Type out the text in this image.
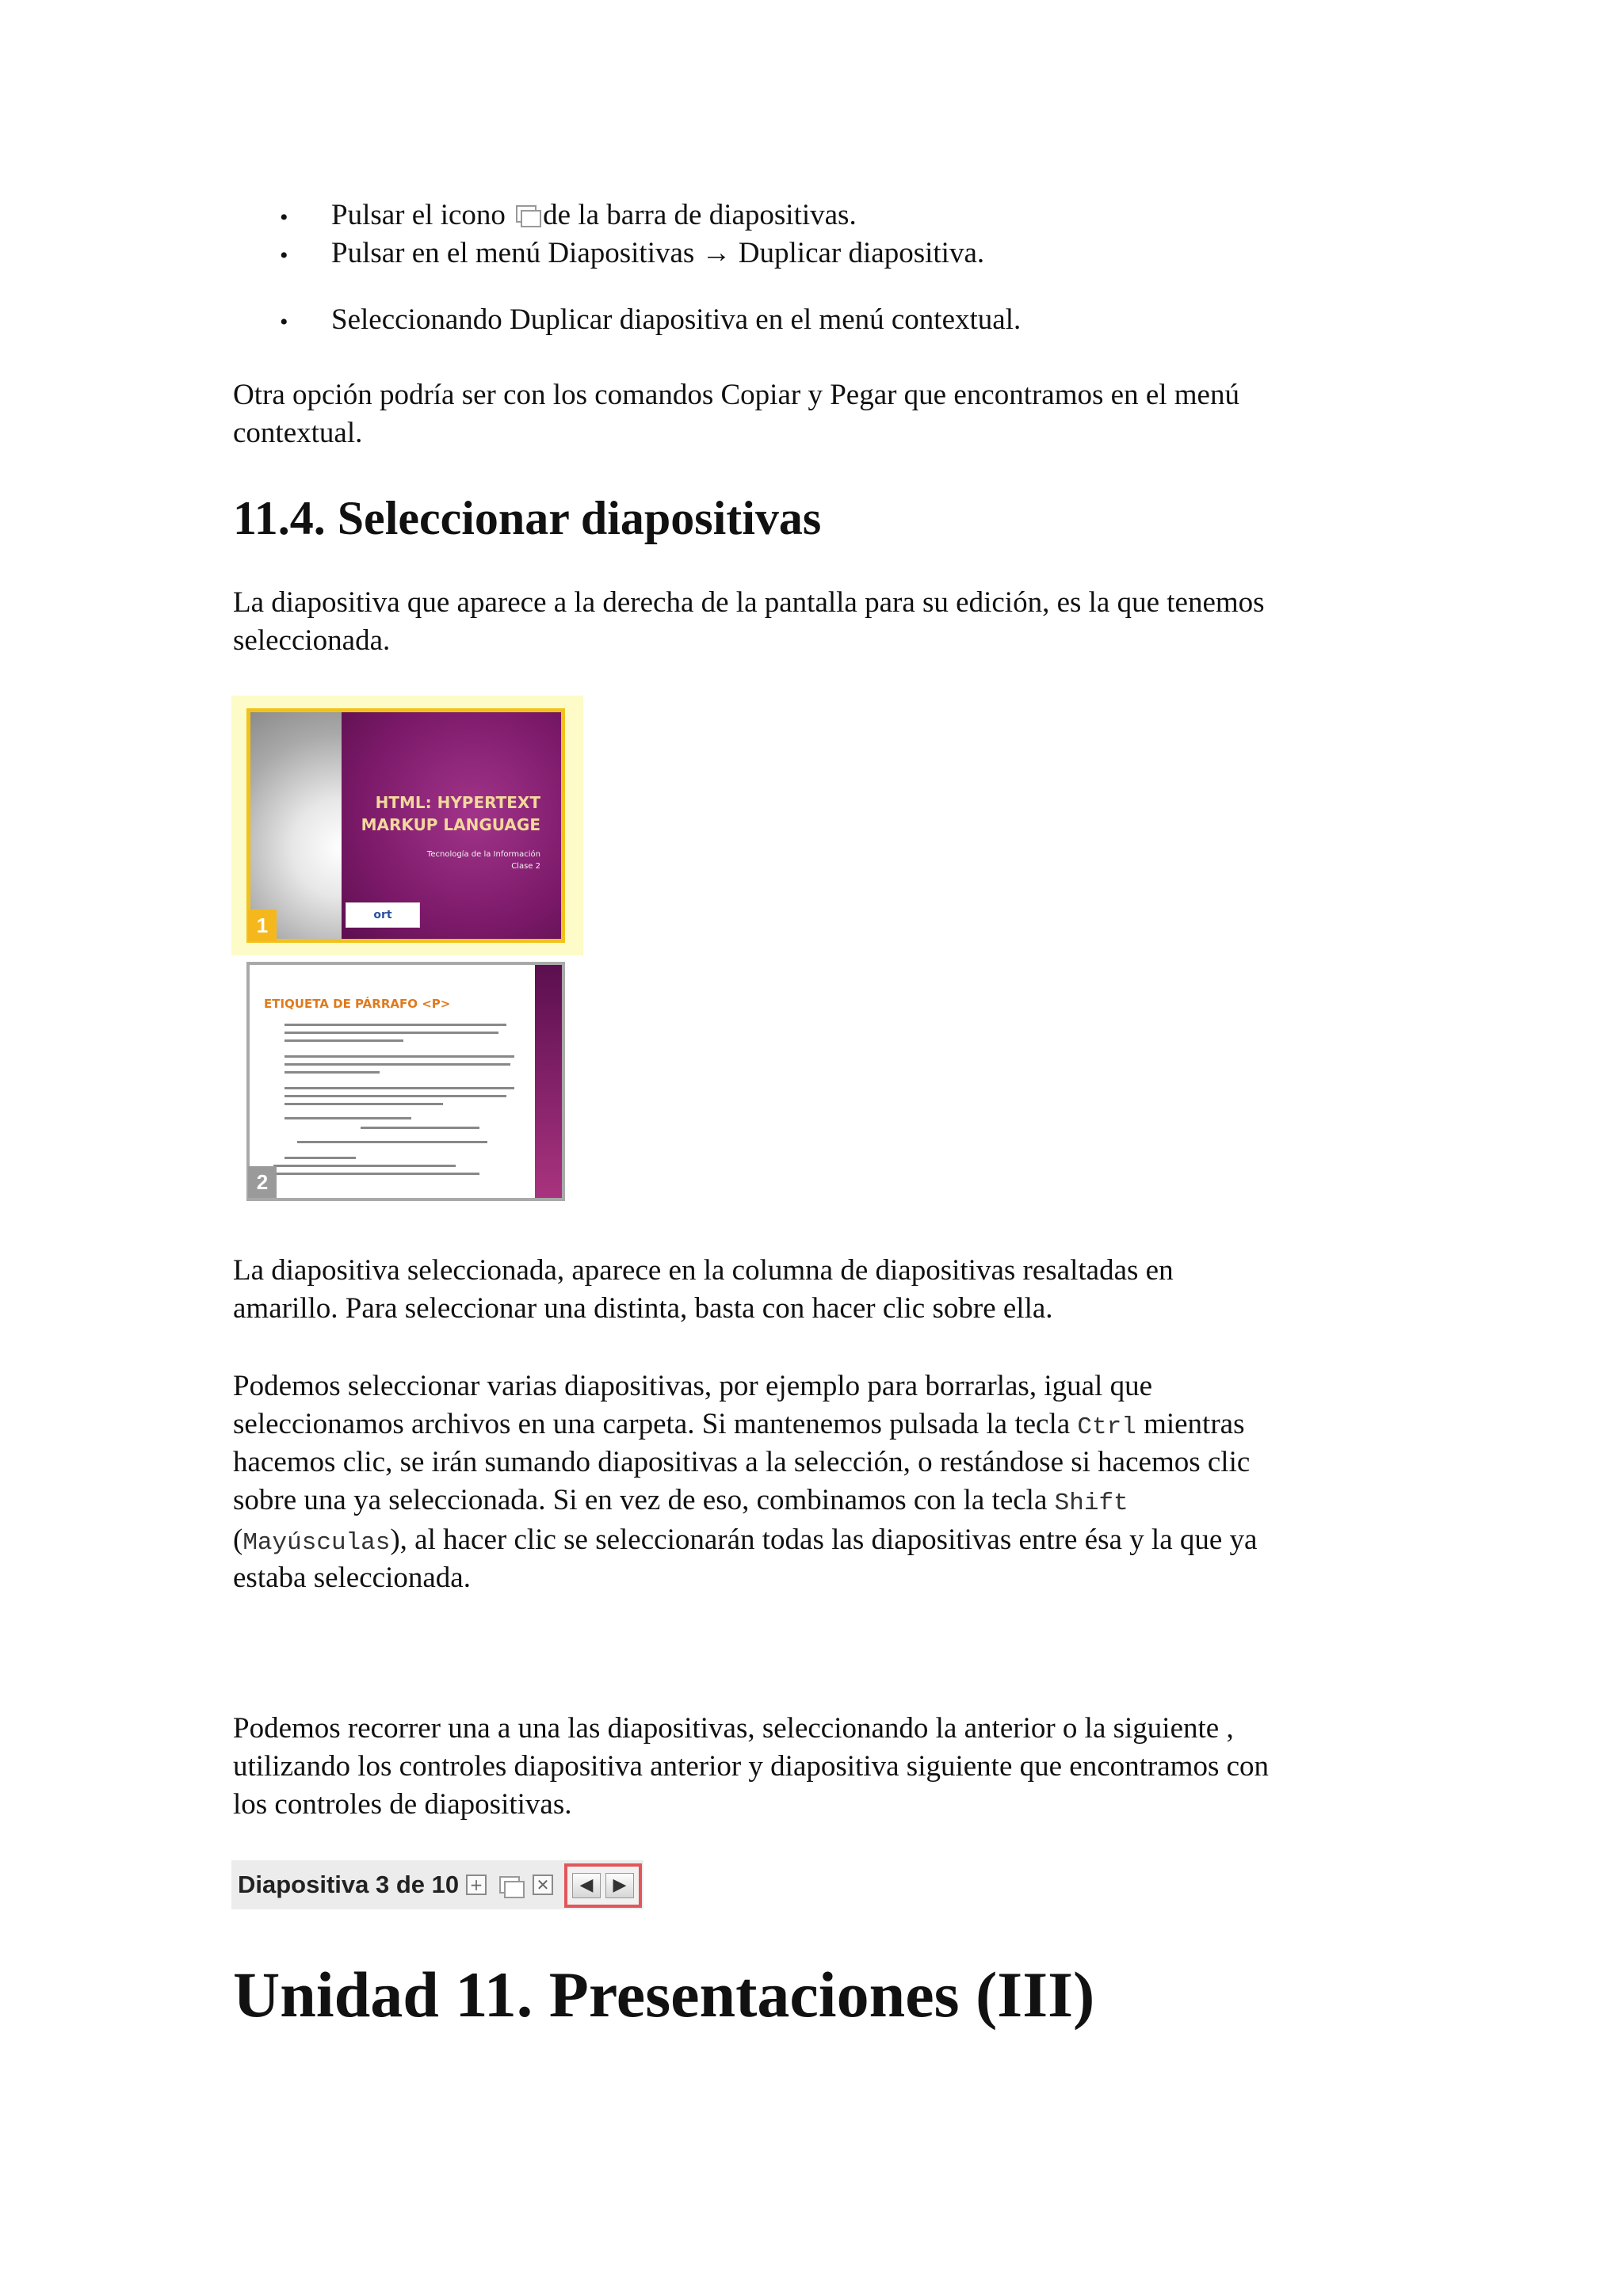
• Pulsar el icono de la barra de diapositivas.
• Pulsar en el menú Diapositivas → Duplicar diapositiva.
• Seleccionando Duplicar diapositiva en el menú contextual.
Otra opción podría ser con los comandos Copiar y Pegar que encontramos en el menú
contextual.
11.4. Seleccionar diapositivas
La diapositiva que aparece a la derecha de la pantalla para su edición, es la que tenemos
seleccionada.
HTML: HYPERTEXT
MARKUP LANGUAGE
Tecnología de la Información
Clase 2
ort
1
ETIQUETA DE PÁRRAFO <P>
2
La diapositiva seleccionada, aparece en la columna de diapositivas resaltadas en
amarillo. Para seleccionar una distinta, basta con hacer clic sobre ella.
Podemos seleccionar varias diapositivas, por ejemplo para borrarlas, igual que
seleccionamos archivos en una carpeta. Si mantenemos pulsada la tecla Ctrl mientras
hacemos clic, se irán sumando diapositivas a la selección, o restándose si hacemos clic
sobre una ya seleccionada. Si en vez de eso, combinamos con la tecla Shift
(Mayúsculas), al hacer clic se seleccionarán todas las diapositivas entre ésa y la que ya
estaba seleccionada.
Podemos recorrer una a una las diapositivas, seleccionando la anterior o la siguiente ,
utilizando los controles diapositiva anterior y diapositiva siguiente que encontramos con
los controles de diapositivas.
Diapositiva 3 de 10 +	✕	◀	▶
Unidad 11. Presentaciones (III)
